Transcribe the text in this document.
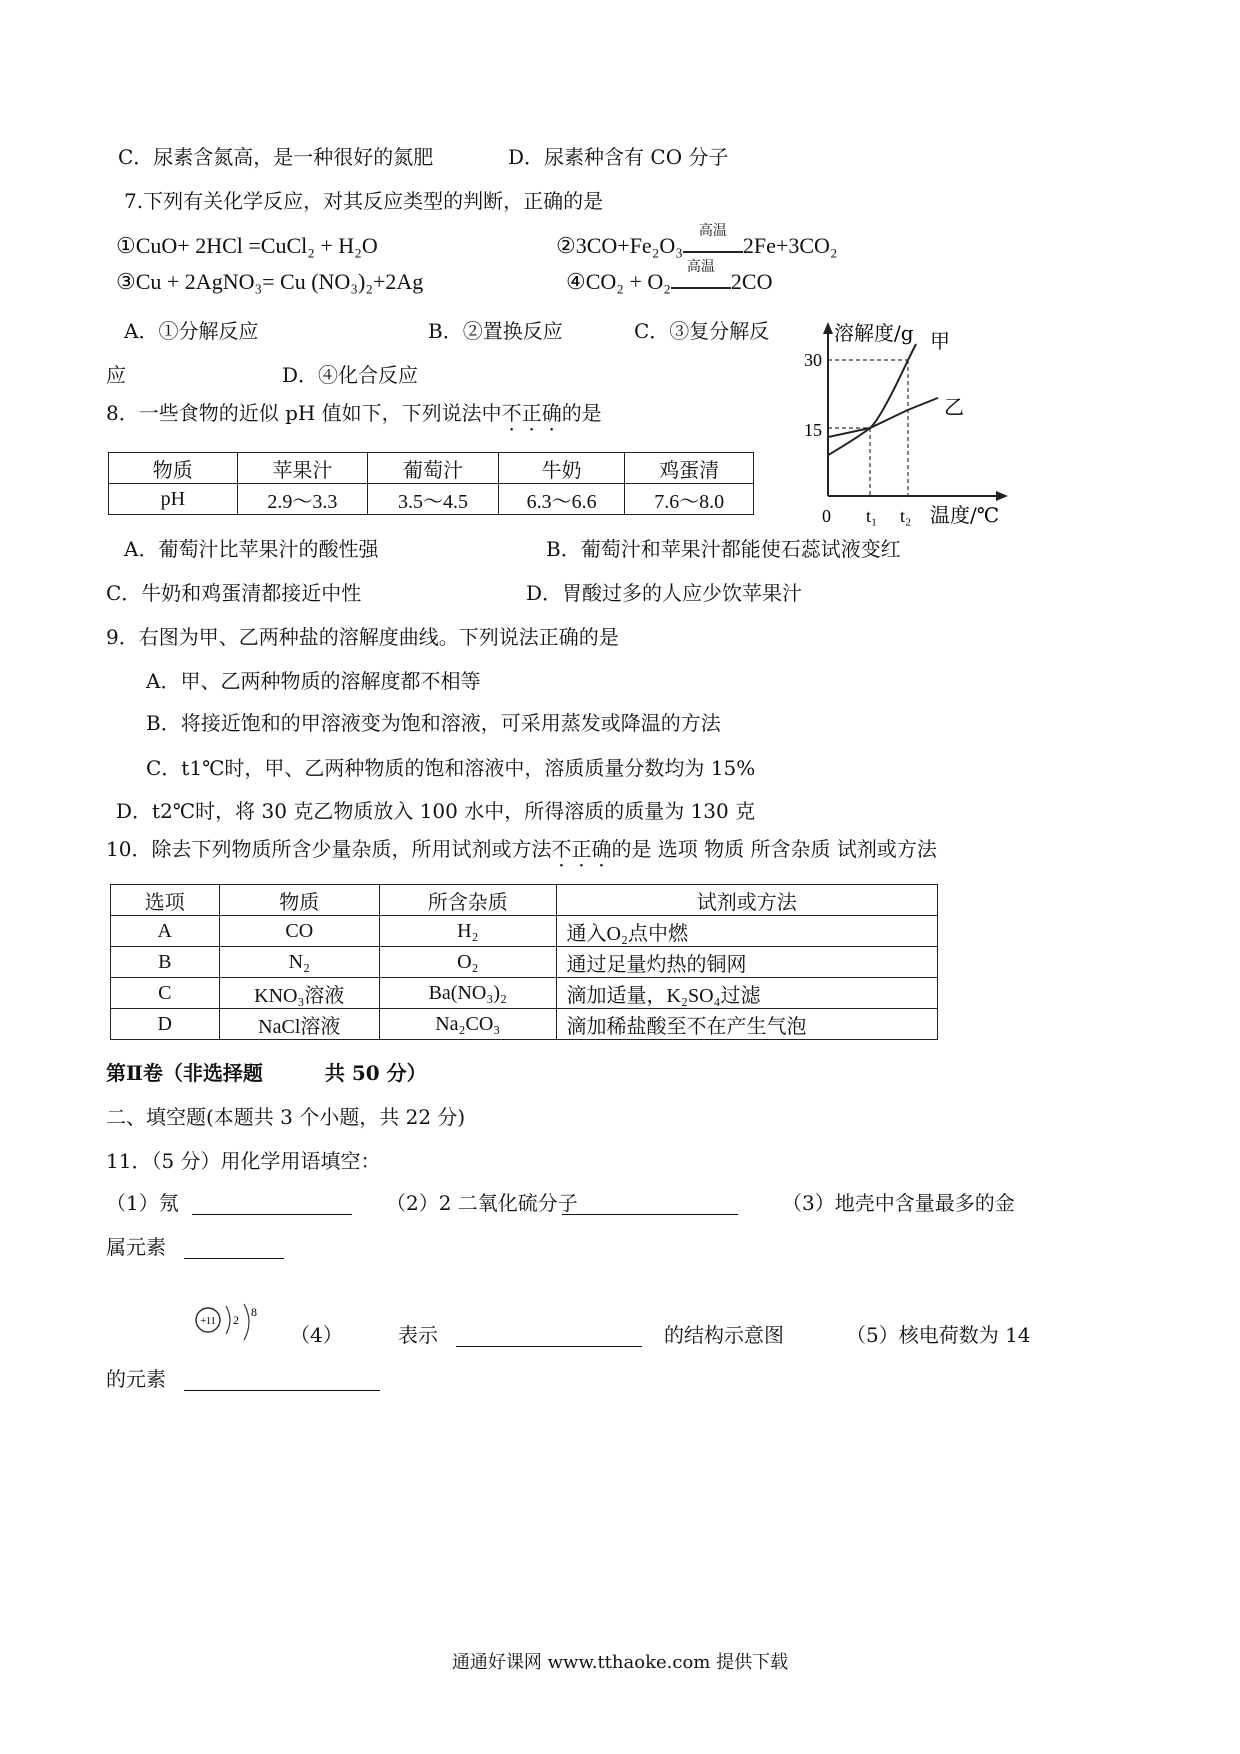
C．尿素含氮高，是一种很好的氮肥	D．尿素种含有 CO 分子
7.下列有关化学反应，对其反应类型的判断，正确的是
①CuO+ 2HCl =CuCl₂ + H₂O	②3CO+Fe₂O₃
高温
2Fe+3CO₂
③Cu + 2AgNO₃= Cu (NO₃)₂+2Ag	④CO₂ + O₂
高温
2CO
A．①分解反应	B．②置换反应	C．③复分解反
应	D．④化合反应
溶解度/g 甲
乙
30
15
0 t₁ t₂ 温度/℃
8．一些食物的近似 pH 值如下，下列说法中不正确的是
物质	苹果汁	葡萄汁	牛奶	鸡蛋清
pH	2.9～3.3	3.5～4.5	6.3～6.6	7.6～8.0
A．葡萄汁比苹果汁的酸性强	B．葡萄汁和苹果汁都能使石蕊试液变红
C．牛奶和鸡蛋清都接近中性	D．胃酸过多的人应少饮苹果汁
9．右图为甲、乙两种盐的溶解度曲线。下列说法正确的是
A．甲、乙两种物质的溶解度都不相等
B．将接近饱和的甲溶液变为饱和溶液，可采用蒸发或降温的方法
C．t1℃时，甲、乙两种物质的饱和溶液中，溶质质量分数均为 15%
D．t2℃时，将 30 克乙物质放入 100 水中，所得溶质的质量为 130 克
10．除去下列物质所含少量杂质，所用试剂或方法不正确的是 选项 物质 所含杂质 试剂或方法
选项	物质	所含杂质	试剂或方法
A	CO	H₂	通入O₂点中燃
B	N₂	O₂	通过足量灼热的铜网
C	KNO₃溶液	Ba(NO₃)₂	滴加适量，K₂SO₄过滤
D	NaCl溶液	Na₂CO₃	滴加稀盐酸至不在产生气泡
第Ⅱ卷（非选择题	共 50 分）
二、填空题(本题共 3 个小题，共 22 分)
11．（5 分）用化学用语填空：
（1）氖	（2）2 二氧化硫分子	（3）地壳中含量最多的金
属元素
+11 2
8
（4）	表示	的结构示意图	（5）核电荷数为 14
的元素
通通好课网 www.tthaoke.com 提供下载
